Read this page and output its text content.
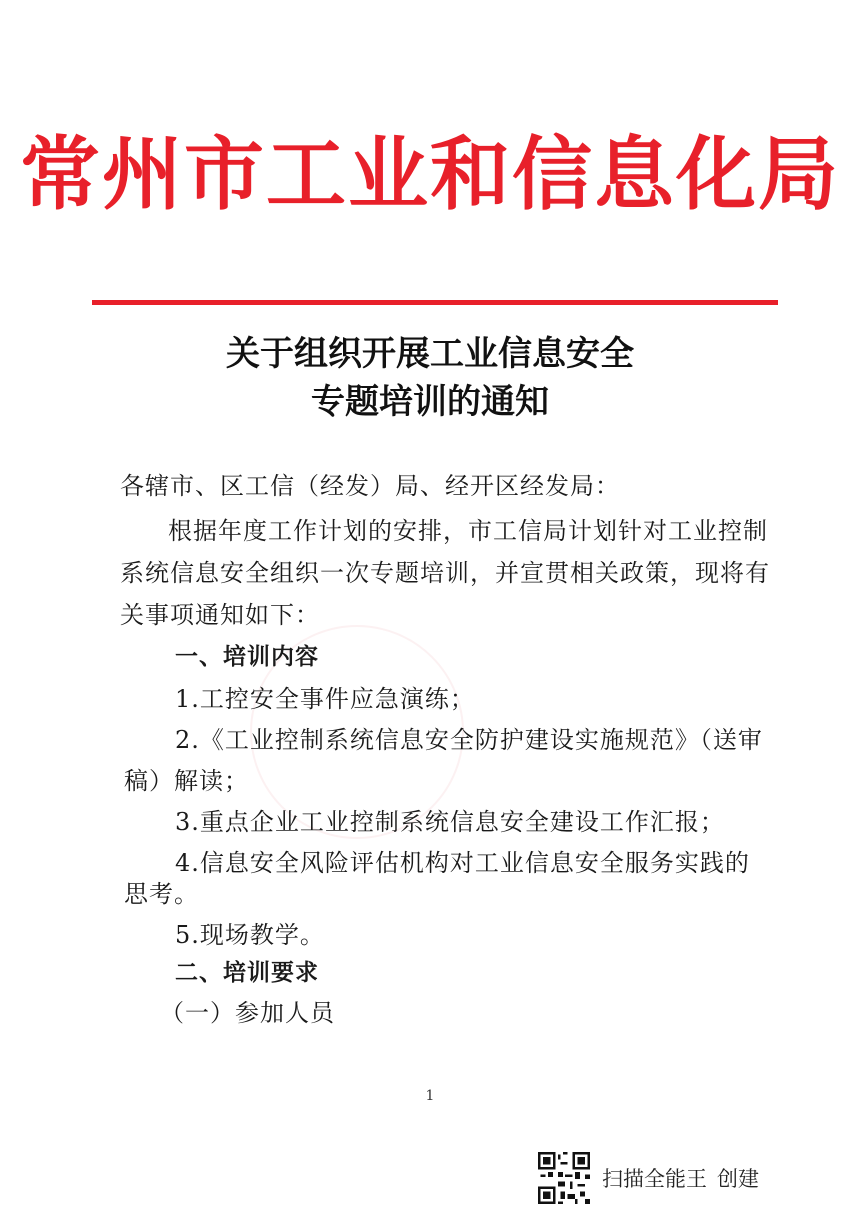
常州市工业和信息化局
关于组织开展工业信息安全
专题培训的通知
各辖市、区工信（经发）局、经开区经发局：
根据年度工作计划的安排，市工信局计划针对工业控制
系统信息安全组织一次专题培训，并宣贯相关政策，现将有
关事项通知如下：
一、培训内容
1.工控安全事件应急演练；
2.《工业控制系统信息安全防护建设实施规范》（送审
稿）解读；
3.重点企业工业控制系统信息安全建设工作汇报；
4.信息安全风险评估机构对工业信息安全服务实践的
思考。
5.现场教学。
二、培训要求
（一）参加人员
1
扫描全能王 创建
